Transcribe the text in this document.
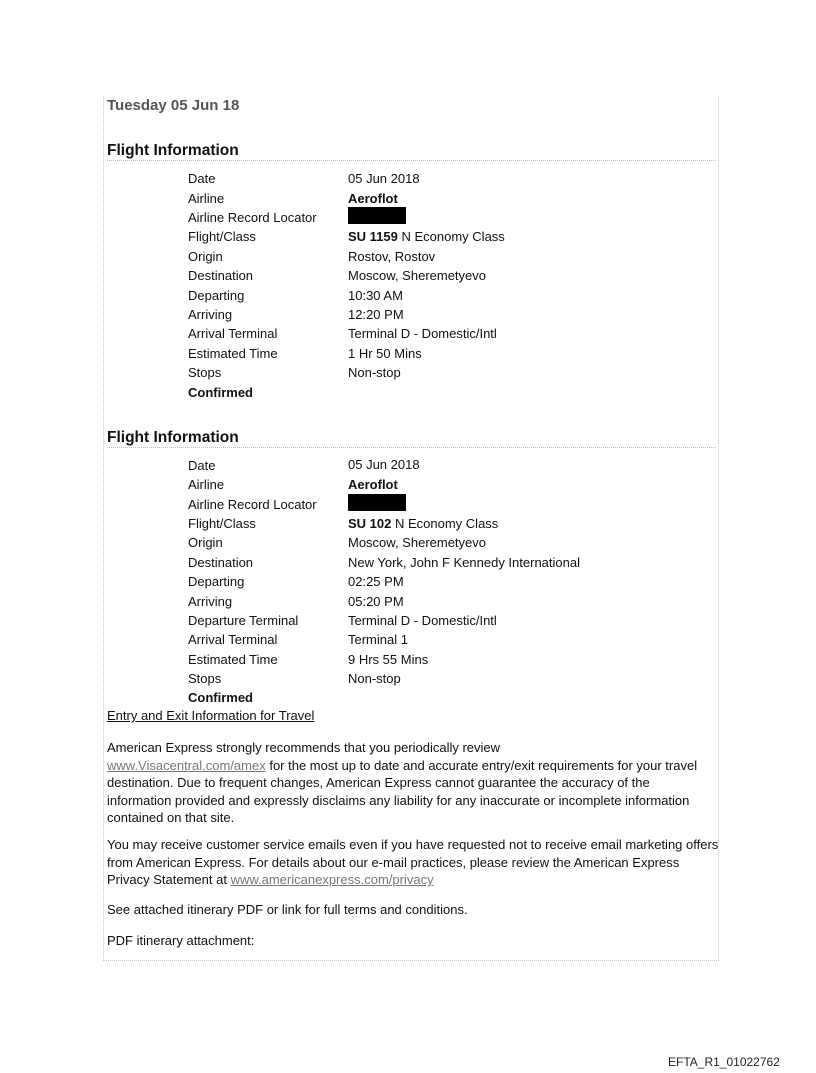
Tuesday 05 Jun 18
Flight Information
Date	05 Jun 2018
Airline	Aeroflot
Airline Record Locator
Flight/Class	SU 1159 N Economy Class
Origin	Rostov, Rostov
Destination	Moscow, Sheremetyevo
Departing	10:30 AM
Arriving	12:20 PM
Arrival Terminal	Terminal D - Domestic/Intl
Estimated Time	1 Hr 50 Mins
Stops	Non-stop
Confirmed
Flight Information
Date	05 Jun 2018
Airline	Aeroflot
Airline Record Locator
Flight/Class	SU 102 N Economy Class
Origin	Moscow, Sheremetyevo
Destination	New York, John F Kennedy International
Departing	02:25 PM
Arriving	05:20 PM
Departure Terminal	Terminal D - Domestic/Intl
Arrival Terminal	Terminal 1
Estimated Time	9 Hrs 55 Mins
Stops	Non-stop
Confirmed
Entry and Exit Information for Travel
American Express strongly recommends that you periodically review
www.Visacentral.com/amex for the most up to date and accurate entry/exit requirements for your travel destination. Due to frequent changes, American Express cannot guarantee the accuracy of the information provided and expressly disclaims any liability for any inaccurate or incomplete information contained on that site.
You may receive customer service emails even if you have requested not to receive email marketing offers from American Express. For details about our e-mail practices, please review the American Express Privacy Statement at www.americanexpress.com/privacy
See attached itinerary PDF or link for full terms and conditions.
PDF itinerary attachment:
EFTA_R1_01022762
